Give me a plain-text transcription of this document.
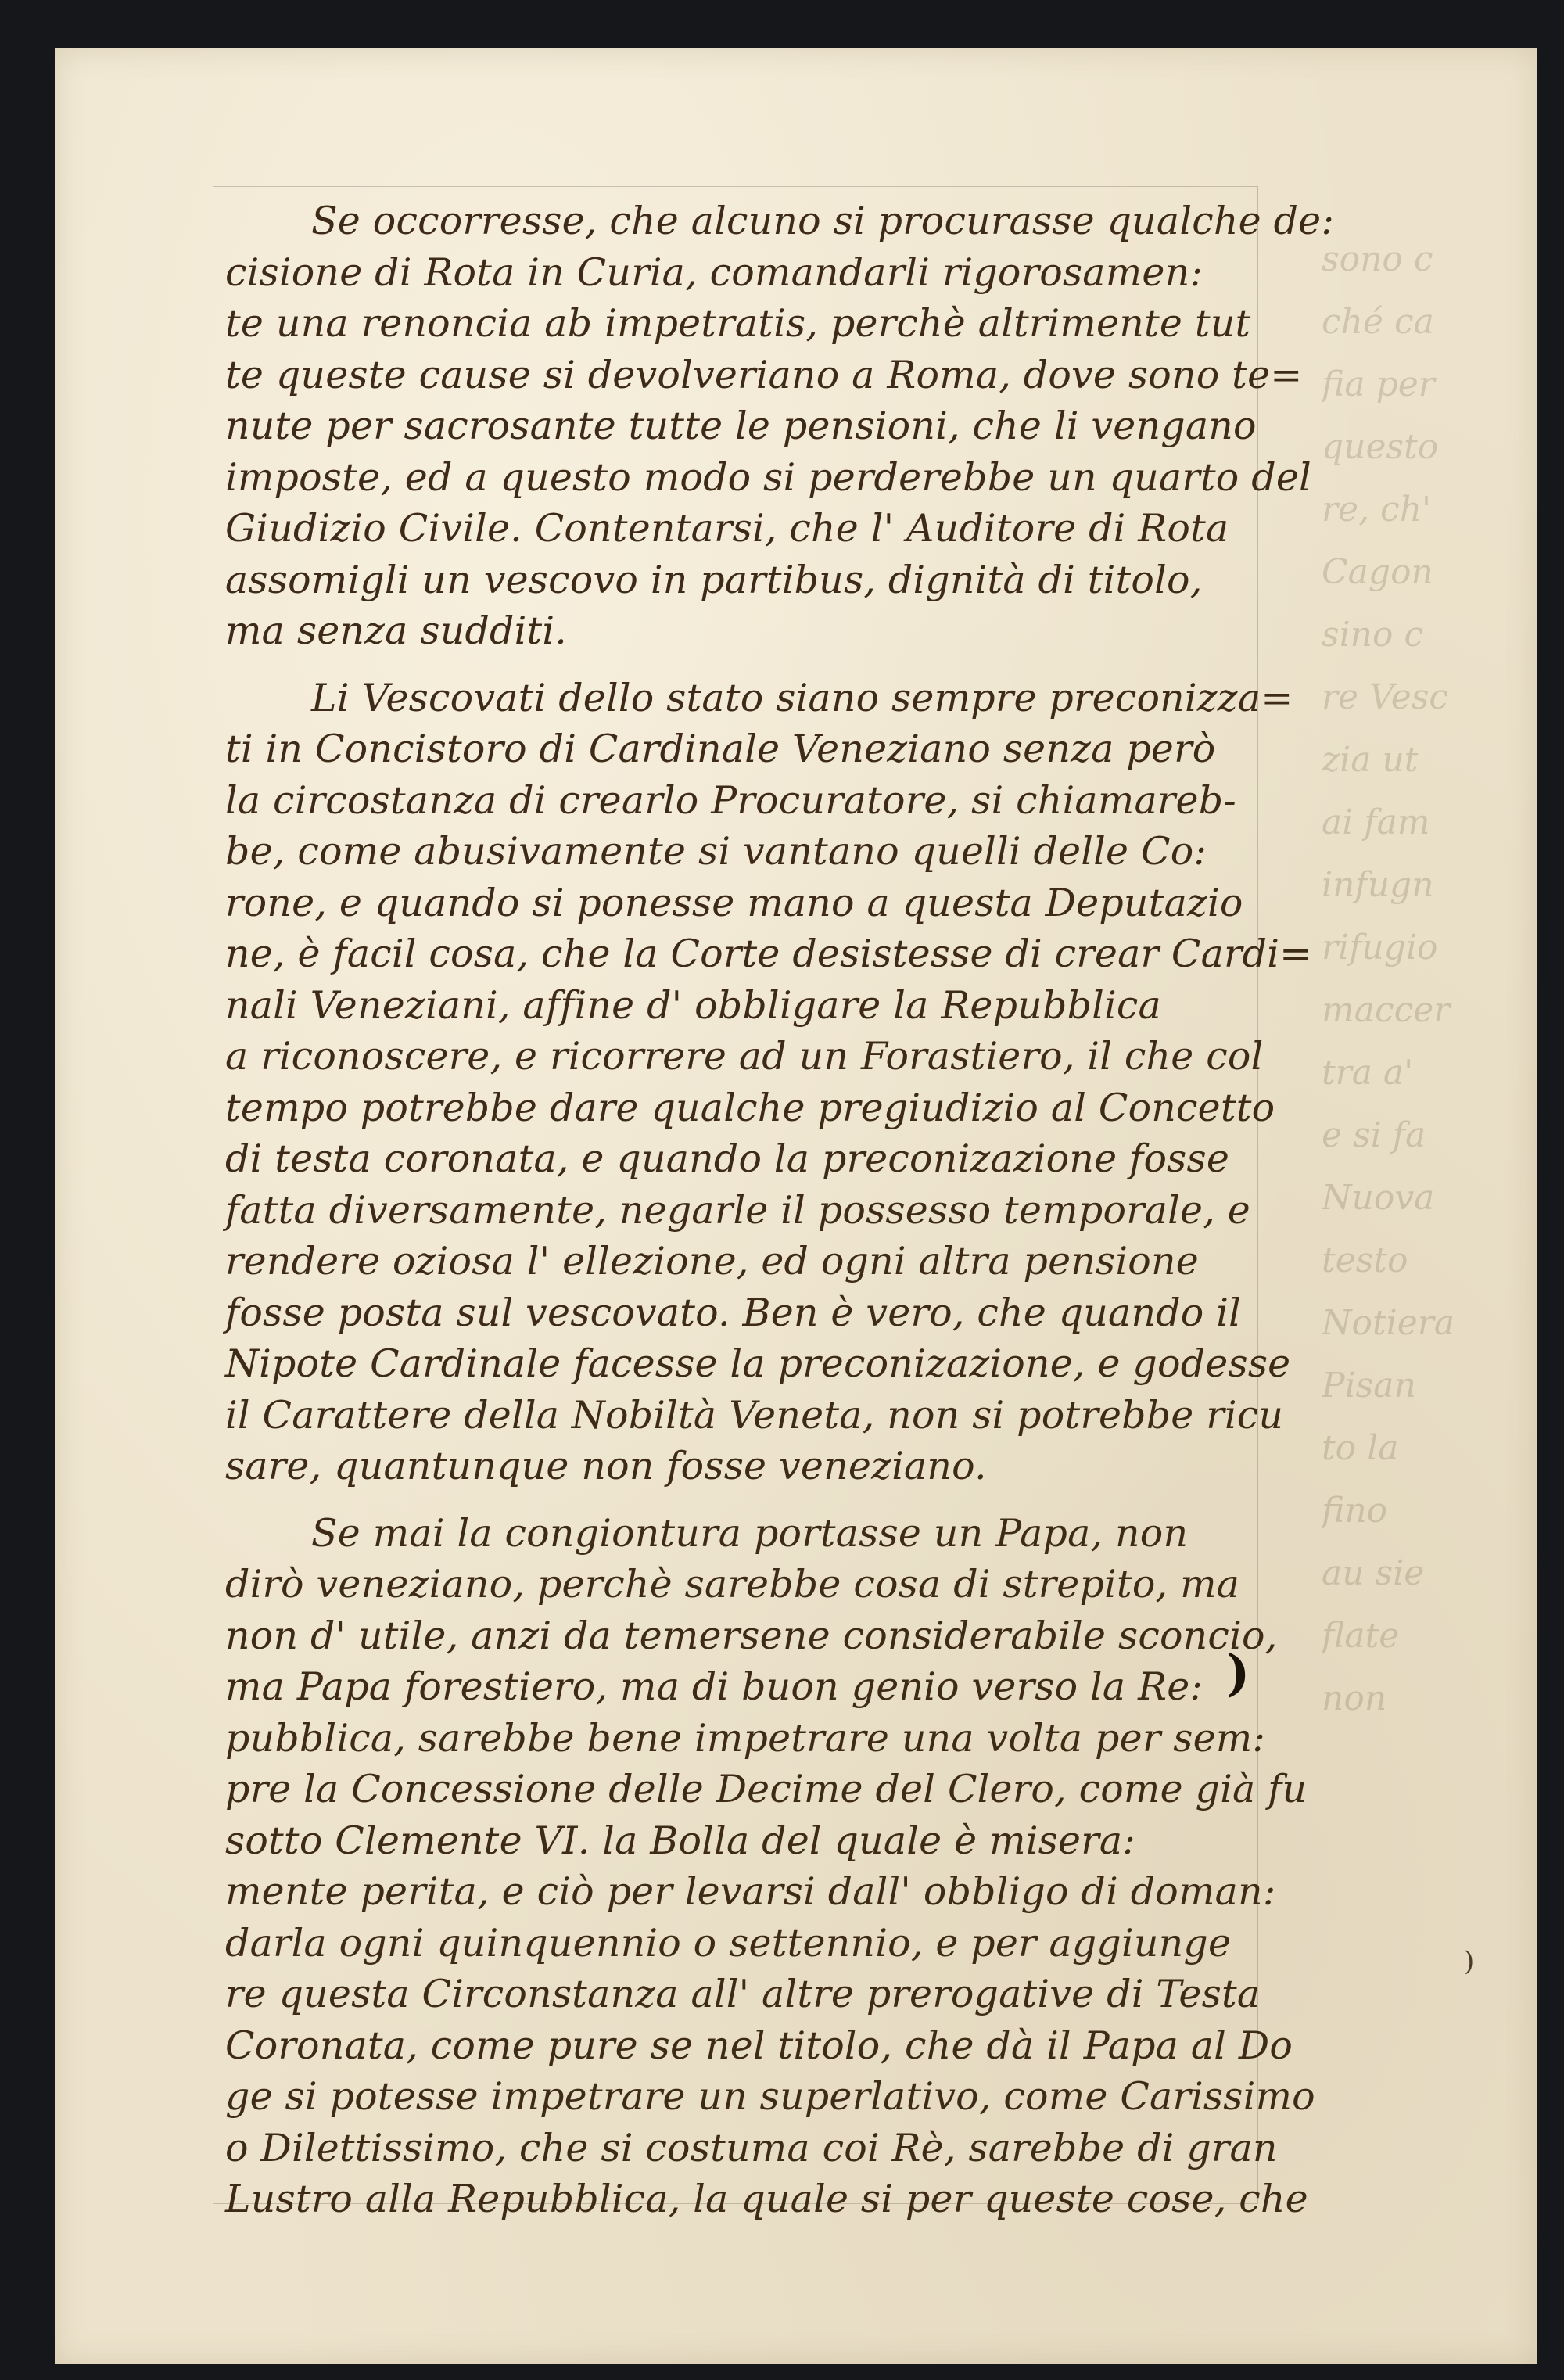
sono c
ché ca
fia per
questo
re, ch'
Cagon
sino c
re Vesc
zia ut
ai fam
infugn
rifugio
maccer
tra a'
e si fa
Nuova
testo
Notiera
Pisan
to la
fino
au sie
flate
non
Se occorresse, che alcuno si procurasse qualche de:
cisione di Rota in Curia, comandarli rigorosamen:
te una renoncia ab impetratis, perchè altrimente tut
te queste cause si devolveriano a Roma, dove sono te=
nute per sacrosante tutte le pensioni, che li vengano
imposte, ed a questo modo si perderebbe un quarto del
Giudizio Civile. Contentarsi, che l' Auditore di Rota
assomigli un vescovo in partibus, dignità di titolo,
ma senza sudditi.
Li Vescovati dello stato siano sempre preconizza=
ti in Concistoro di Cardinale Veneziano senza però
la circostanza di crearlo Procuratore, si chiamareb-
be, come abusivamente si vantano quelli delle Co:
rone, e quando si ponesse mano a questa Deputazio
ne, è facil cosa, che la Corte desistesse di crear Cardi=
nali Veneziani, affine d' obbligare la Repubblica
a riconoscere, e ricorrere ad un Forastiero, il che col
tempo potrebbe dare qualche pregiudizio al Concetto
di testa coronata, e quando la preconizazione fosse
fatta diversamente, negarle il possesso temporale, e
rendere oziosa l' ellezione, ed ogni altra pensione
fosse posta sul vescovato. Ben è vero, che quando il
Nipote Cardinale facesse la preconizazione, e godesse
il Carattere della Nobiltà Veneta, non si potrebbe ricu
sare, quantunque non fosse veneziano.
Se mai la congiontura portasse un Papa, non
dirò veneziano, perchè sarebbe cosa di strepito, ma
non d' utile, anzi da temersene considerabile sconcio,
ma Papa forestiero, ma di buon genio verso la Re:
pubblica, sarebbe bene impetrare una volta per sem:
pre la Concessione delle Decime del Clero, come già fu
sotto Clemente VI. la Bolla del quale è misera:
mente perita, e ciò per levarsi dall' obbligo di doman:
darla ogni quinquennio o settennio, e per aggiunge
re questa Circonstanza all' altre prerogative di Testa
Coronata, come pure se nel titolo, che dà il Papa al Do
ge si potesse impetrare un superlativo, come Carissimo
o Dilettissimo, che si costuma coi Rè, sarebbe di gran
Lustro alla Repubblica, la quale si per queste cose, che
)
)
